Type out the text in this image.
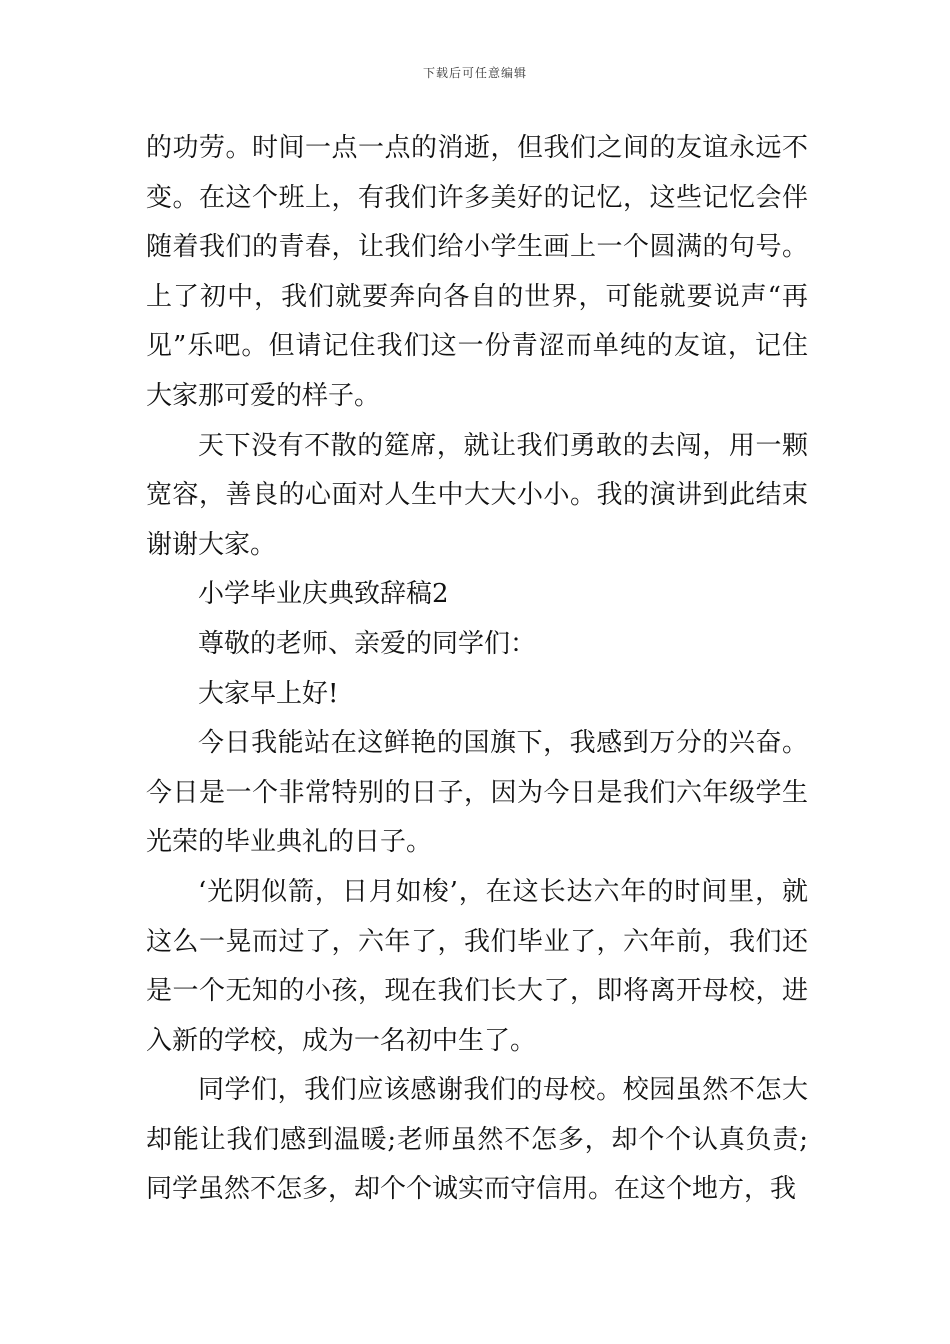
下载后可任意编辑

的功劳。时间一点一点的消逝，但我们之间的友谊永远不变。在这个班上，有我们许多美好的记忆，这些记忆会伴随着我们的青春，让我们给小学生画上一个圆满的句号。上了初中，我们就要奔向各自的世界，可能就要说声“再见”乐吧。但请记住我们这一份青涩而单纯的友谊，记住大家那可爱的样子。

天下没有不散的筵席，就让我们勇敢的去闯，用一颗宽容，善良的心面对人生中大大小小。我的演讲到此结束谢谢大家。

小学毕业庆典致辞稿2

尊敬的老师、亲爱的同学们：

大家早上好!

今日我能站在这鲜艳的国旗下，我感到万分的兴奋。今日是一个非常特别的日子，因为今日是我们六年级学生光荣的毕业典礼的日子。

‘光阴似箭，日月如梭’，在这长达六年的时间里，就这么一晃而过了，六年了，我们毕业了，六年前，我们还是一个无知的小孩，现在我们长大了，即将离开母校，进入新的学校，成为一名初中生了。

同学们，我们应该感谢我们的母校。校园虽然不怎大却能让我们感到温暖;老师虽然不怎多，却个个认真负责;同学虽然不怎多，却个个诚实而守信用。在这个地方，我
